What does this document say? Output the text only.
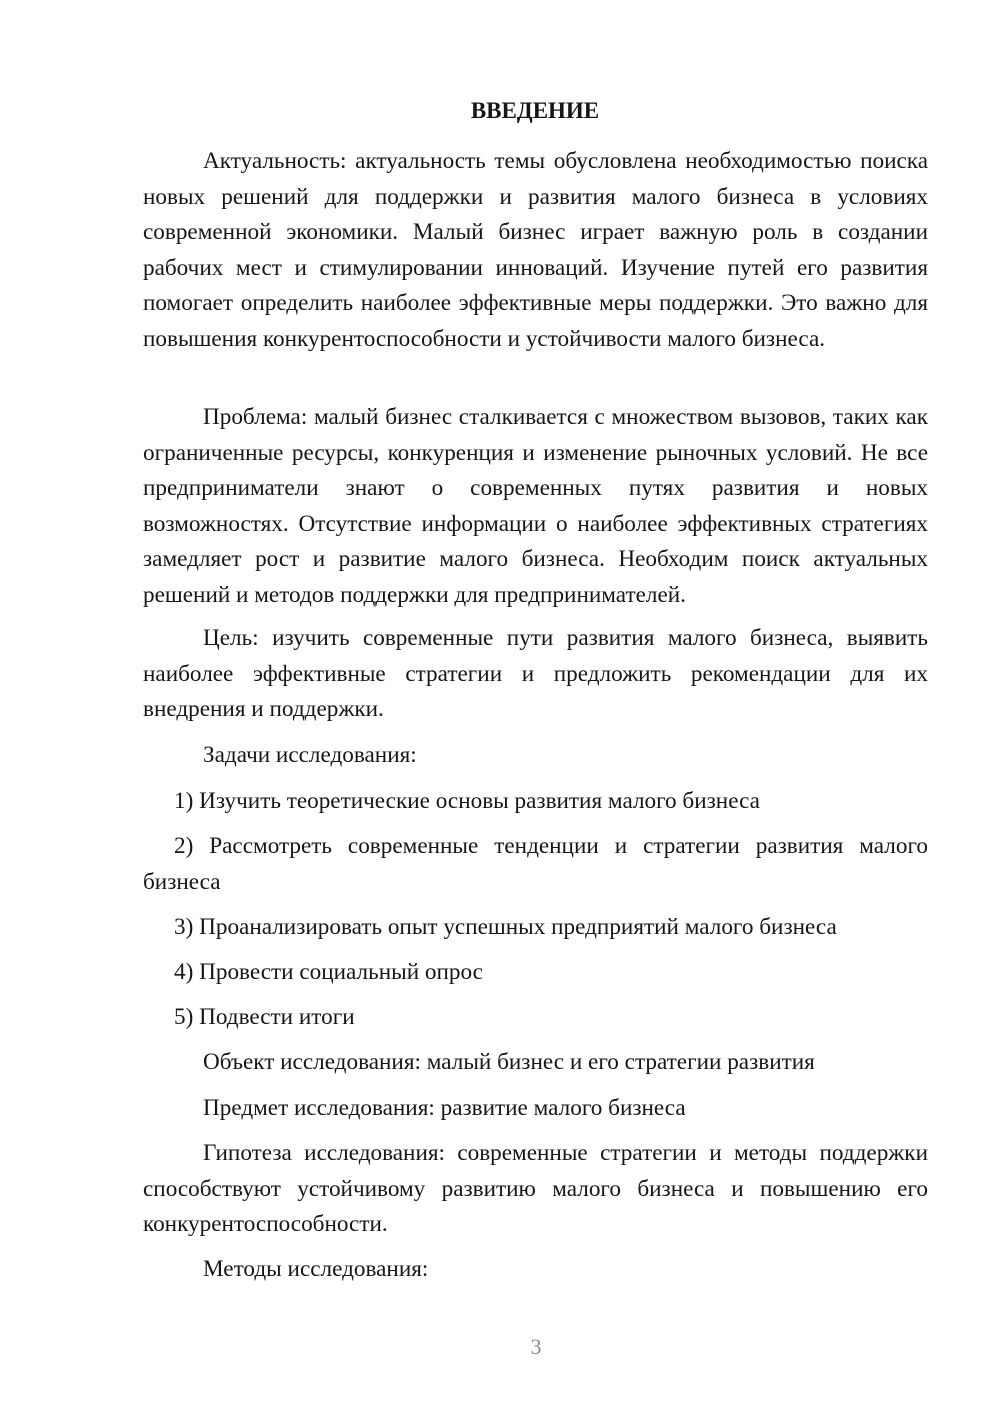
ВВЕДЕНИЕ

Актуальность: актуальность темы обусловлена необходимостью поиска новых решений для поддержки и развития малого бизнеса в условиях современной экономики. Малый бизнес играет важную роль в создании рабочих мест и стимулировании инноваций. Изучение путей его развития помогает определить наиболее эффективные меры поддержки. Это важно для повышения конкурентоспособности и устойчивости малого бизнеса.

Проблема: малый бизнес сталкивается с множеством вызовов, таких как ограниченные ресурсы, конкуренция и изменение рыночных условий. Не все предприниматели знают о современных путях развития и новых возможностях. Отсутствие информации о наиболее эффективных стратегиях замедляет рост и развитие малого бизнеса. Необходим поиск актуальных решений и методов поддержки для предпринимателей.

Цель: изучить современные пути развития малого бизнеса, выявить наиболее эффективные стратегии и предложить рекомендации для их внедрения и поддержки.

Задачи исследования:

1) Изучить теоретические основы развития малого бизнеса

2) Рассмотреть современные тенденции и стратегии развития малого бизнеса

3) Проанализировать опыт успешных предприятий малого бизнеса

4) Провести социальный опрос

5) Подвести итоги

Объект исследования: малый бизнес и его стратегии развития

Предмет исследования: развитие малого бизнеса

Гипотеза исследования: современные стратегии и методы поддержки способствуют устойчивому развитию малого бизнеса и повышению его конкурентоспособности.

Методы исследования:

3
